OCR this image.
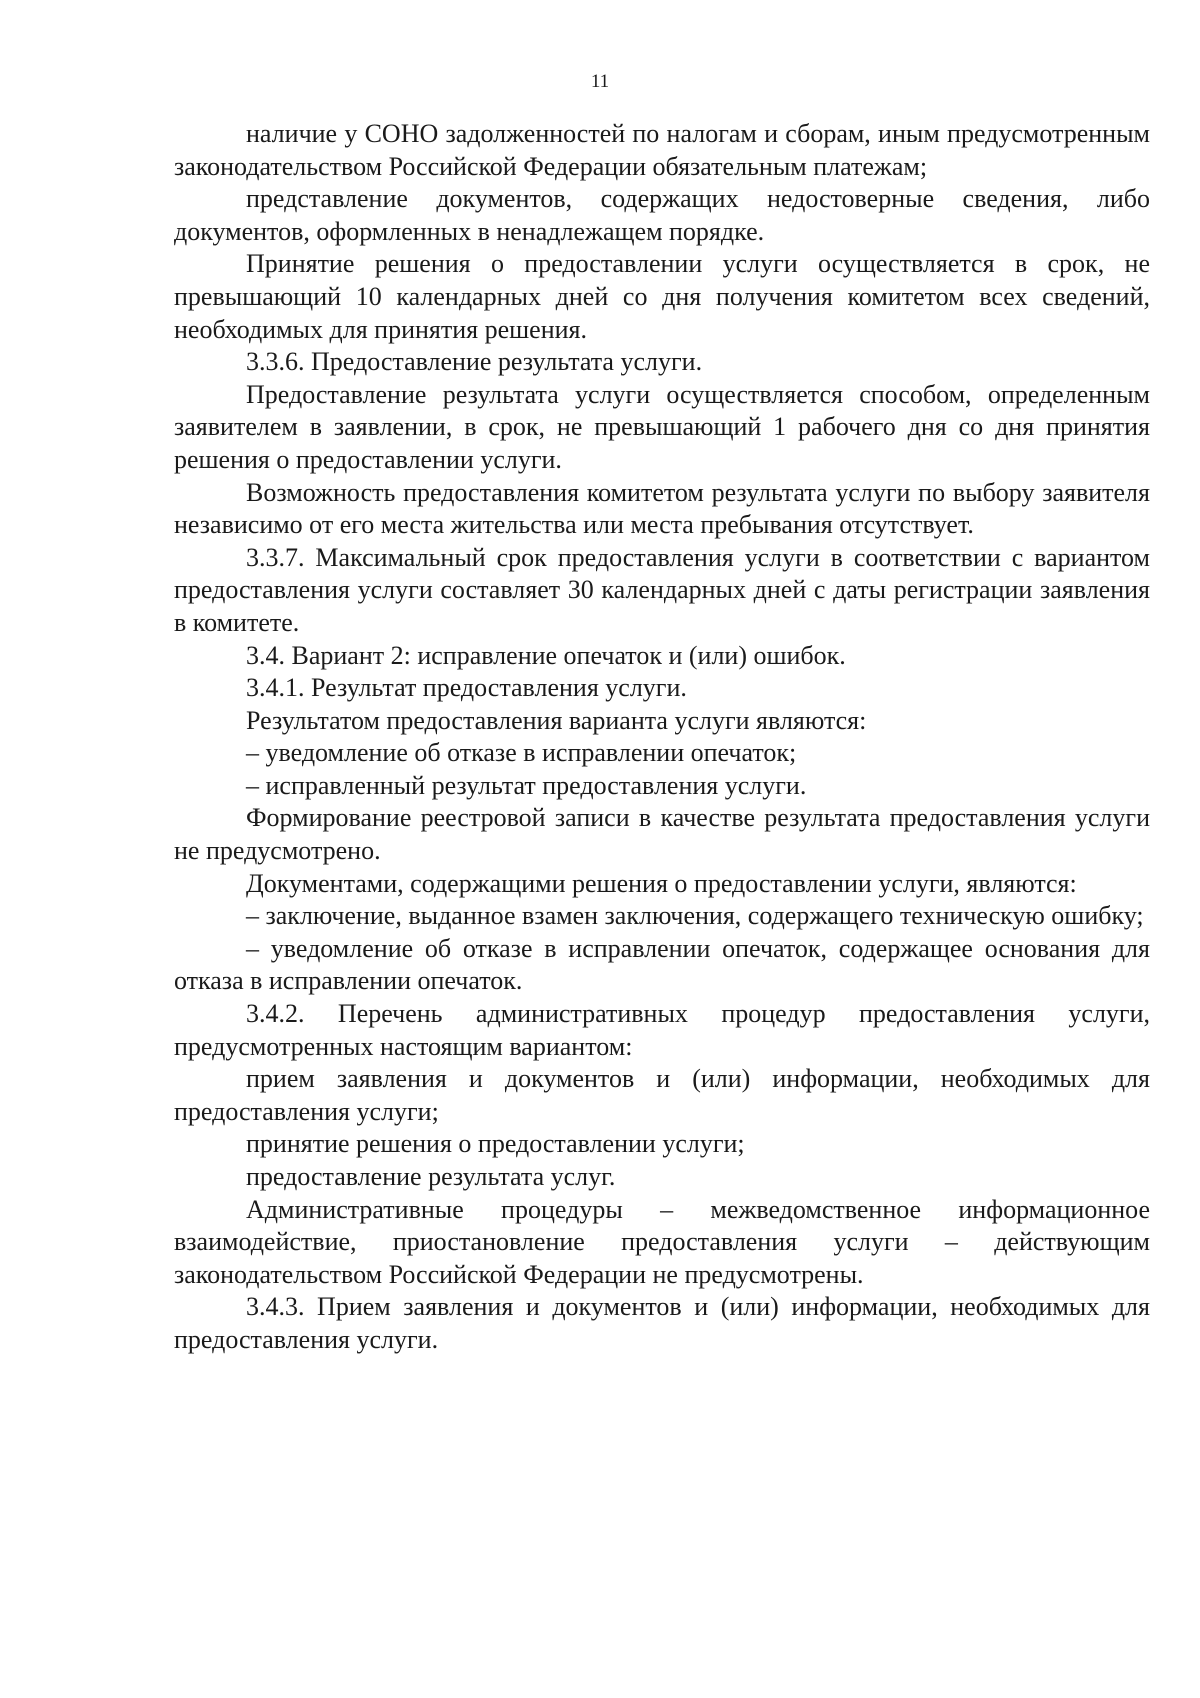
11

наличие у СОНО задолженностей по налогам и сборам, иным предусмотренным законодательством Российской Федерации обязательным платежам;

представление документов, содержащих недостоверные сведения, либо документов, оформленных в ненадлежащем порядке.

Принятие решения о предоставлении услуги осуществляется в срок, не превышающий 10 календарных дней со дня получения комитетом всех сведений, необходимых для принятия решения.

3.3.6. Предоставление результата услуги.

Предоставление результата услуги осуществляется способом, определенным заявителем в заявлении, в срок, не превышающий 1 рабочего дня со дня принятия решения о предоставлении услуги.

Возможность предоставления комитетом результата услуги по выбору заявителя независимо от его места жительства или места пребывания отсутствует.

3.3.7. Максимальный срок предоставления услуги в соответствии с вариантом предоставления услуги составляет 30 календарных дней с даты регистрации заявления в комитете.

3.4. Вариант 2: исправление опечаток и (или) ошибок.

3.4.1. Результат предоставления услуги.

Результатом предоставления варианта услуги являются:

– уведомление об отказе в исправлении опечаток;

– исправленный результат предоставления услуги.

Формирование реестровой записи в качестве результата предоставления услуги не предусмотрено.

Документами, содержащими решения о предоставлении услуги, являются:

– заключение, выданное взамен заключения, содержащего техническую ошибку;

– уведомление об отказе в исправлении опечаток, содержащее основания для отказа в исправлении опечаток.

3.4.2. Перечень административных процедур предоставления услуги, предусмотренных настоящим вариантом:

прием заявления и документов и (или) информации, необходимых для предоставления услуги;

принятие решения о предоставлении услуги;

предоставление результата услуг.

Административные процедуры – межведомственное информационное взаимодействие, приостановление предоставления услуги – действующим законодательством Российской Федерации не предусмотрены.

3.4.3. Прием заявления и документов и (или) информации, необходимых для предоставления услуги.
